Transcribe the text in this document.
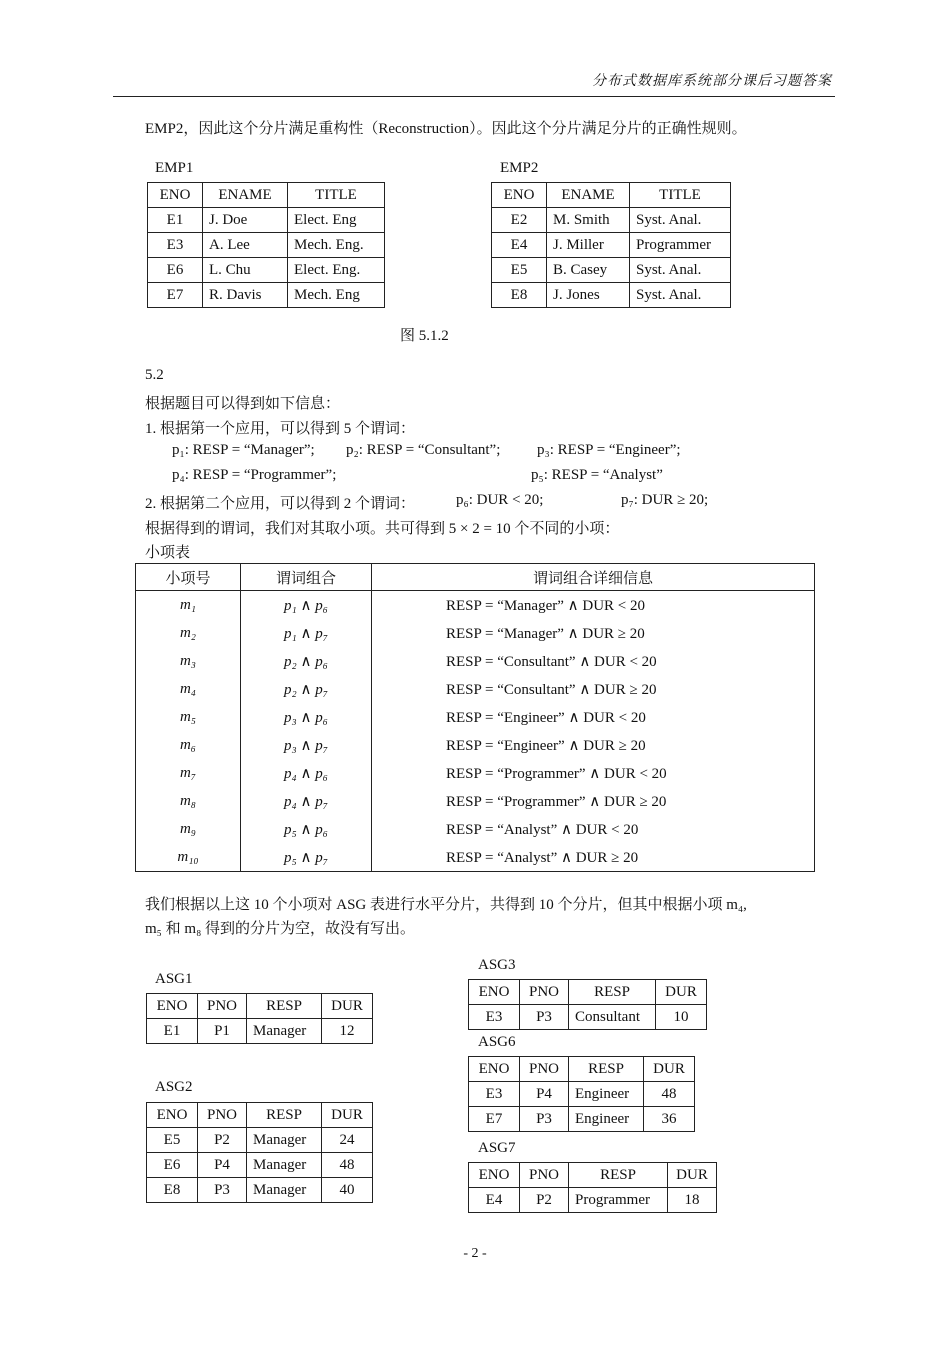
分布式数据库系统部分课后习题答案
EMP2，因此这个分片满足重构性（Reconstruction）。因此这个分片满足分片的正确性规则。
EMP1
ENO	ENAME	TITLE
E1	J. Doe	Elect. Eng
E3	A. Lee	Mech. Eng.
E6	L. Chu	Elect. Eng.
E7	R. Davis	Mech. Eng
EMP2
ENO	ENAME	TITLE
E2	M. Smith	Syst. Anal.
E4	J. Miller	Programmer
E5	B. Casey	Syst. Anal.
E8	J. Jones	Syst. Anal.
图 5.1.2
5.2
根据题目可以得到如下信息：
1. 根据第一个应用，可以得到 5 个谓词：
p₁: RESP = “Manager”; p₂: RESP = “Consultant”; p₃: RESP = “Engineer”;
p₄: RESP = “Programmer”;	p₅: RESP = “Analyst”
2. 根据第二个应用，可以得到 2 个谓词：	p₆: DUR < 20;	p₇: DUR ≥ 20;
根据得到的谓词，我们对其取小项。共可得到 5 × 2 = 10 个不同的小项：
小项表
小项号	谓词组合	谓词组合详细信息
m₁	p₁ ∧ p₆	RESP = “Manager” ∧ DUR < 20
m₂	p₁ ∧ p₇	RESP = “Manager” ∧ DUR ≥ 20
m₃	p₂ ∧ p₆	RESP = “Consultant” ∧ DUR < 20
m₄	p₂ ∧ p₇	RESP = “Consultant” ∧ DUR ≥ 20
m₅	p₃ ∧ p₆	RESP = “Engineer” ∧ DUR < 20
m₆	p₃ ∧ p₇	RESP = “Engineer” ∧ DUR ≥ 20
m₇	p₄ ∧ p₆	RESP = “Programmer” ∧ DUR < 20
m₈	p₄ ∧ p₇	RESP = “Programmer” ∧ DUR ≥ 20
m₉	p₅ ∧ p₆	RESP = “Analyst” ∧ DUR < 20
m₁₀	p₅ ∧ p₇	RESP = “Analyst” ∧ DUR ≥ 20
我们根据以上这 10 个小项对 ASG 表进行水平分片，共得到 10 个分片，但其中根据小项 m₄,
m₅ 和 m₈ 得到的分片为空，故没有写出。
ASG1
ENO	PNO	RESP	DUR
E1	P1	Manager	12
ASG2
ENO	PNO	RESP	DUR
E5	P2	Manager	24
E6	P4	Manager	48
E8	P3	Manager	40
ASG3
ENO	PNO	RESP	DUR
E3	P3	Consultant	10
ASG6
ENO	PNO	RESP	DUR
E3	P4	Engineer	48
E7	P3	Engineer	36
ASG7
ENO	PNO	RESP	DUR
E4	P2	Programmer	18
- 2 -
